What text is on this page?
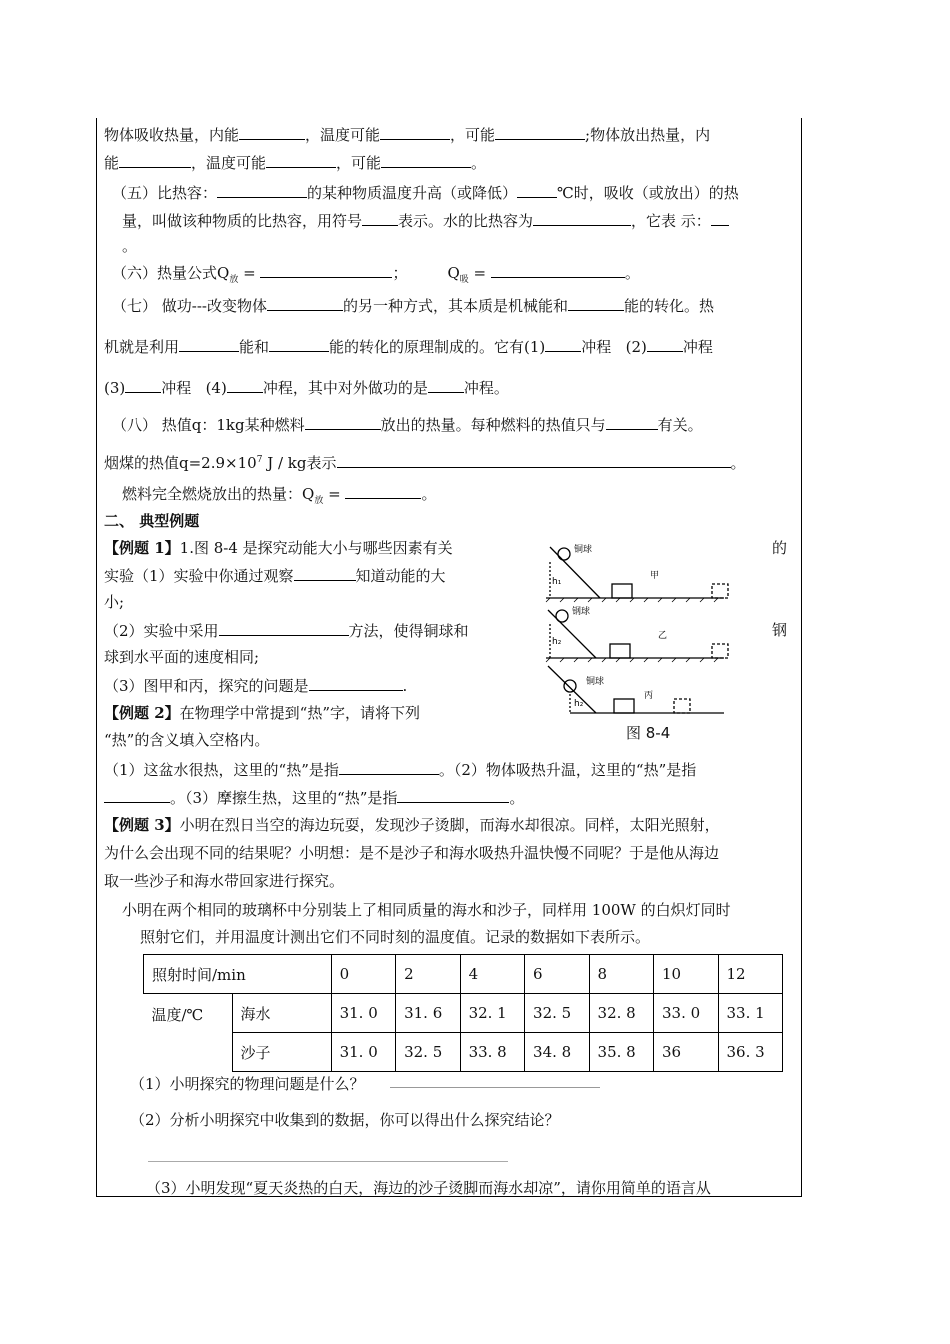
物体吸收热量，内能	，温度可能	，可能	;物体放出热量，内
能	，温度可能	，可能	。
（五）比热容：	的某种物质温度升高（或降低）	℃时，吸收（或放出）的热
量，叫做该种物质的比热容，用符号 表示。水的比热容为	，它表 示：
。
（六）热量公式$Q_放$ =	；	$Q_吸$ =	。
（七） 做功---改变物体	的另一种方式，其本质是机械能和	能的转化。热
机就是利用	能和	能的转化的原理制成的。它有(1) 冲程 (2) 冲程
(3) 冲程 (4) 冲程，其中对外做功的是 冲程。
（八） 热值q：1kg某种燃料	放出的热量。每种燃料的热值只与	有关。
烟煤的热值$q=2.9\times 10^7$ J / kg表示	。
燃料完全燃烧放出的热量：$Q_放$ =	。
二、 典型例题
【例题 1】1.图 8-4 是探究动能大小与哪些因素有关	的
实验（1）实验中你通过观察	知道动能的大
小;
（2）实验中采用	方法，使得铜球和	钢
球到水平面的速度相同;
（3）图甲和丙，探究的问题是	.
【例题 2】在物理学中常提到“热”字，请将下列
“热”的含义填入空格内。
（1）这盆水很热，这里的“热”是指	。（2）物体吸热升温，这里的“热”是指
。（3）摩擦生热，这里的“热”是指	。
【例题 3】小明在烈日当空的海边玩耍，发现沙子烫脚，而海水却很凉。同样，太阳光照射，
为什么会出现不同的结果呢？小明想：是不是沙子和海水吸热升温快慢不同呢？于是他从海边
取一些沙子和海水带回家进行探究。
小明在两个相同的玻璃杯中分别装上了相同质量的海水和沙子，同样用 100W 的白炽灯同时
照射它们，并用温度计测出它们不同时刻的温度值。记录的数据如下表所示。
铜球
甲
h₁
钢球
乙
h₂
铜球
丙
h₂
图 8-4
照射时间/min		0	2	4	6	8	10	12
温度/℃	海水	31. 0	31. 6	32. 1	32. 5	32. 8	33. 0	33. 1
	沙子	31. 0	32. 5	33. 8	34. 8	35. 8	36	36. 3
（1）小明探究的物理问题是什么？
（2）分析小明探究中收集到的数据，你可以得出什么探究结论？
（3）小明发现“夏天炎热的白天，海边的沙子烫脚而海水却凉”，请你用简单的语言从
